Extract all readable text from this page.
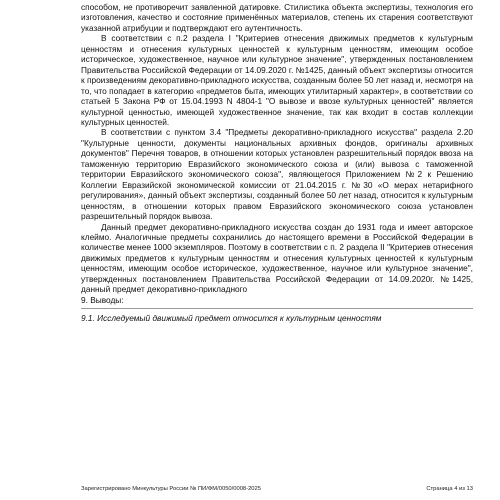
способом, не противоречит заявленной датировке. Стилистика объекта экспертизы, технология его изготовления, качество и состояние применённых материалов, степень их старения соответствуют указанной атрибуции и подтверждают его аутентичность.

В соответствии с п.2 раздела I "Критериев отнесения движимых предметов к культурным ценностям и отнесения культурных ценностей к культурным ценностям, имеющим особое историческое, художественное, научное или культурное значение", утвержденных постановлением Правительства Российской Федерации от 14.09.2020 г. №1425, данный объект экспертизы относится к произведениям декоративно-прикладного искусства, созданным более 50 лет назад и, несмотря на то, что попадает в категорию «предметов быта, имеющих утилитарный характер», в соответствии со статьей 5 Закона РФ от 15.04.1993 N 4804-1 "О вывозе и ввозе культурных ценностей" является культурной ценностью, имеющей художественное значение, так как входит в состав коллекции культурных ценностей.

В соответствии с пунктом 3.4 "Предметы декоративно-прикладного искусства" раздела 2.20 "Культурные ценности, документы национальных архивных фондов, оригиналы архивных документов" Перечня товаров, в отношении которых установлен разрешительный порядок ввоза на таможенную территорию Евразийского экономического союза и (или) вывоза с таможенной территории Евразийского экономического союза", являющегося Приложением №2 к Решению Коллегии Евразийской экономической комиссии от 21.04.2015 г. №30 «О мерах нетарифного регулирования», данный объект экспертизы, созданный более 50 лет назад, относится к культурным ценностям, в отношении которых правом Евразийского экономического союза установлен разрешительный порядок вывоза.

Данный предмет декоративно-прикладного искусства создан до 1931 года и имеет авторское клеймо. Аналогичные предметы сохранились до настоящего времени в Российской Федерации в количестве менее 1000 экземпляров. Поэтому в соответствии с п. 2 раздела II "Критериев отнесения движимых предметов к культурным ценностям и отнесения культурных ценностей к культурным ценностям, имеющим особое историческое, художественное, научное или культурное значение", утвержденных постановлением Правительства Российской Федерации от 14.09.2020г. №1425, данный предмет декоративно-прикладного

9. Выводы:

9.1. Исследуемый движимый предмет относится к культурным ценностям

Зарегистрировано Минкультуры России № ПИ/ФМ/0050/0008-2025	Страница 4 из 13
